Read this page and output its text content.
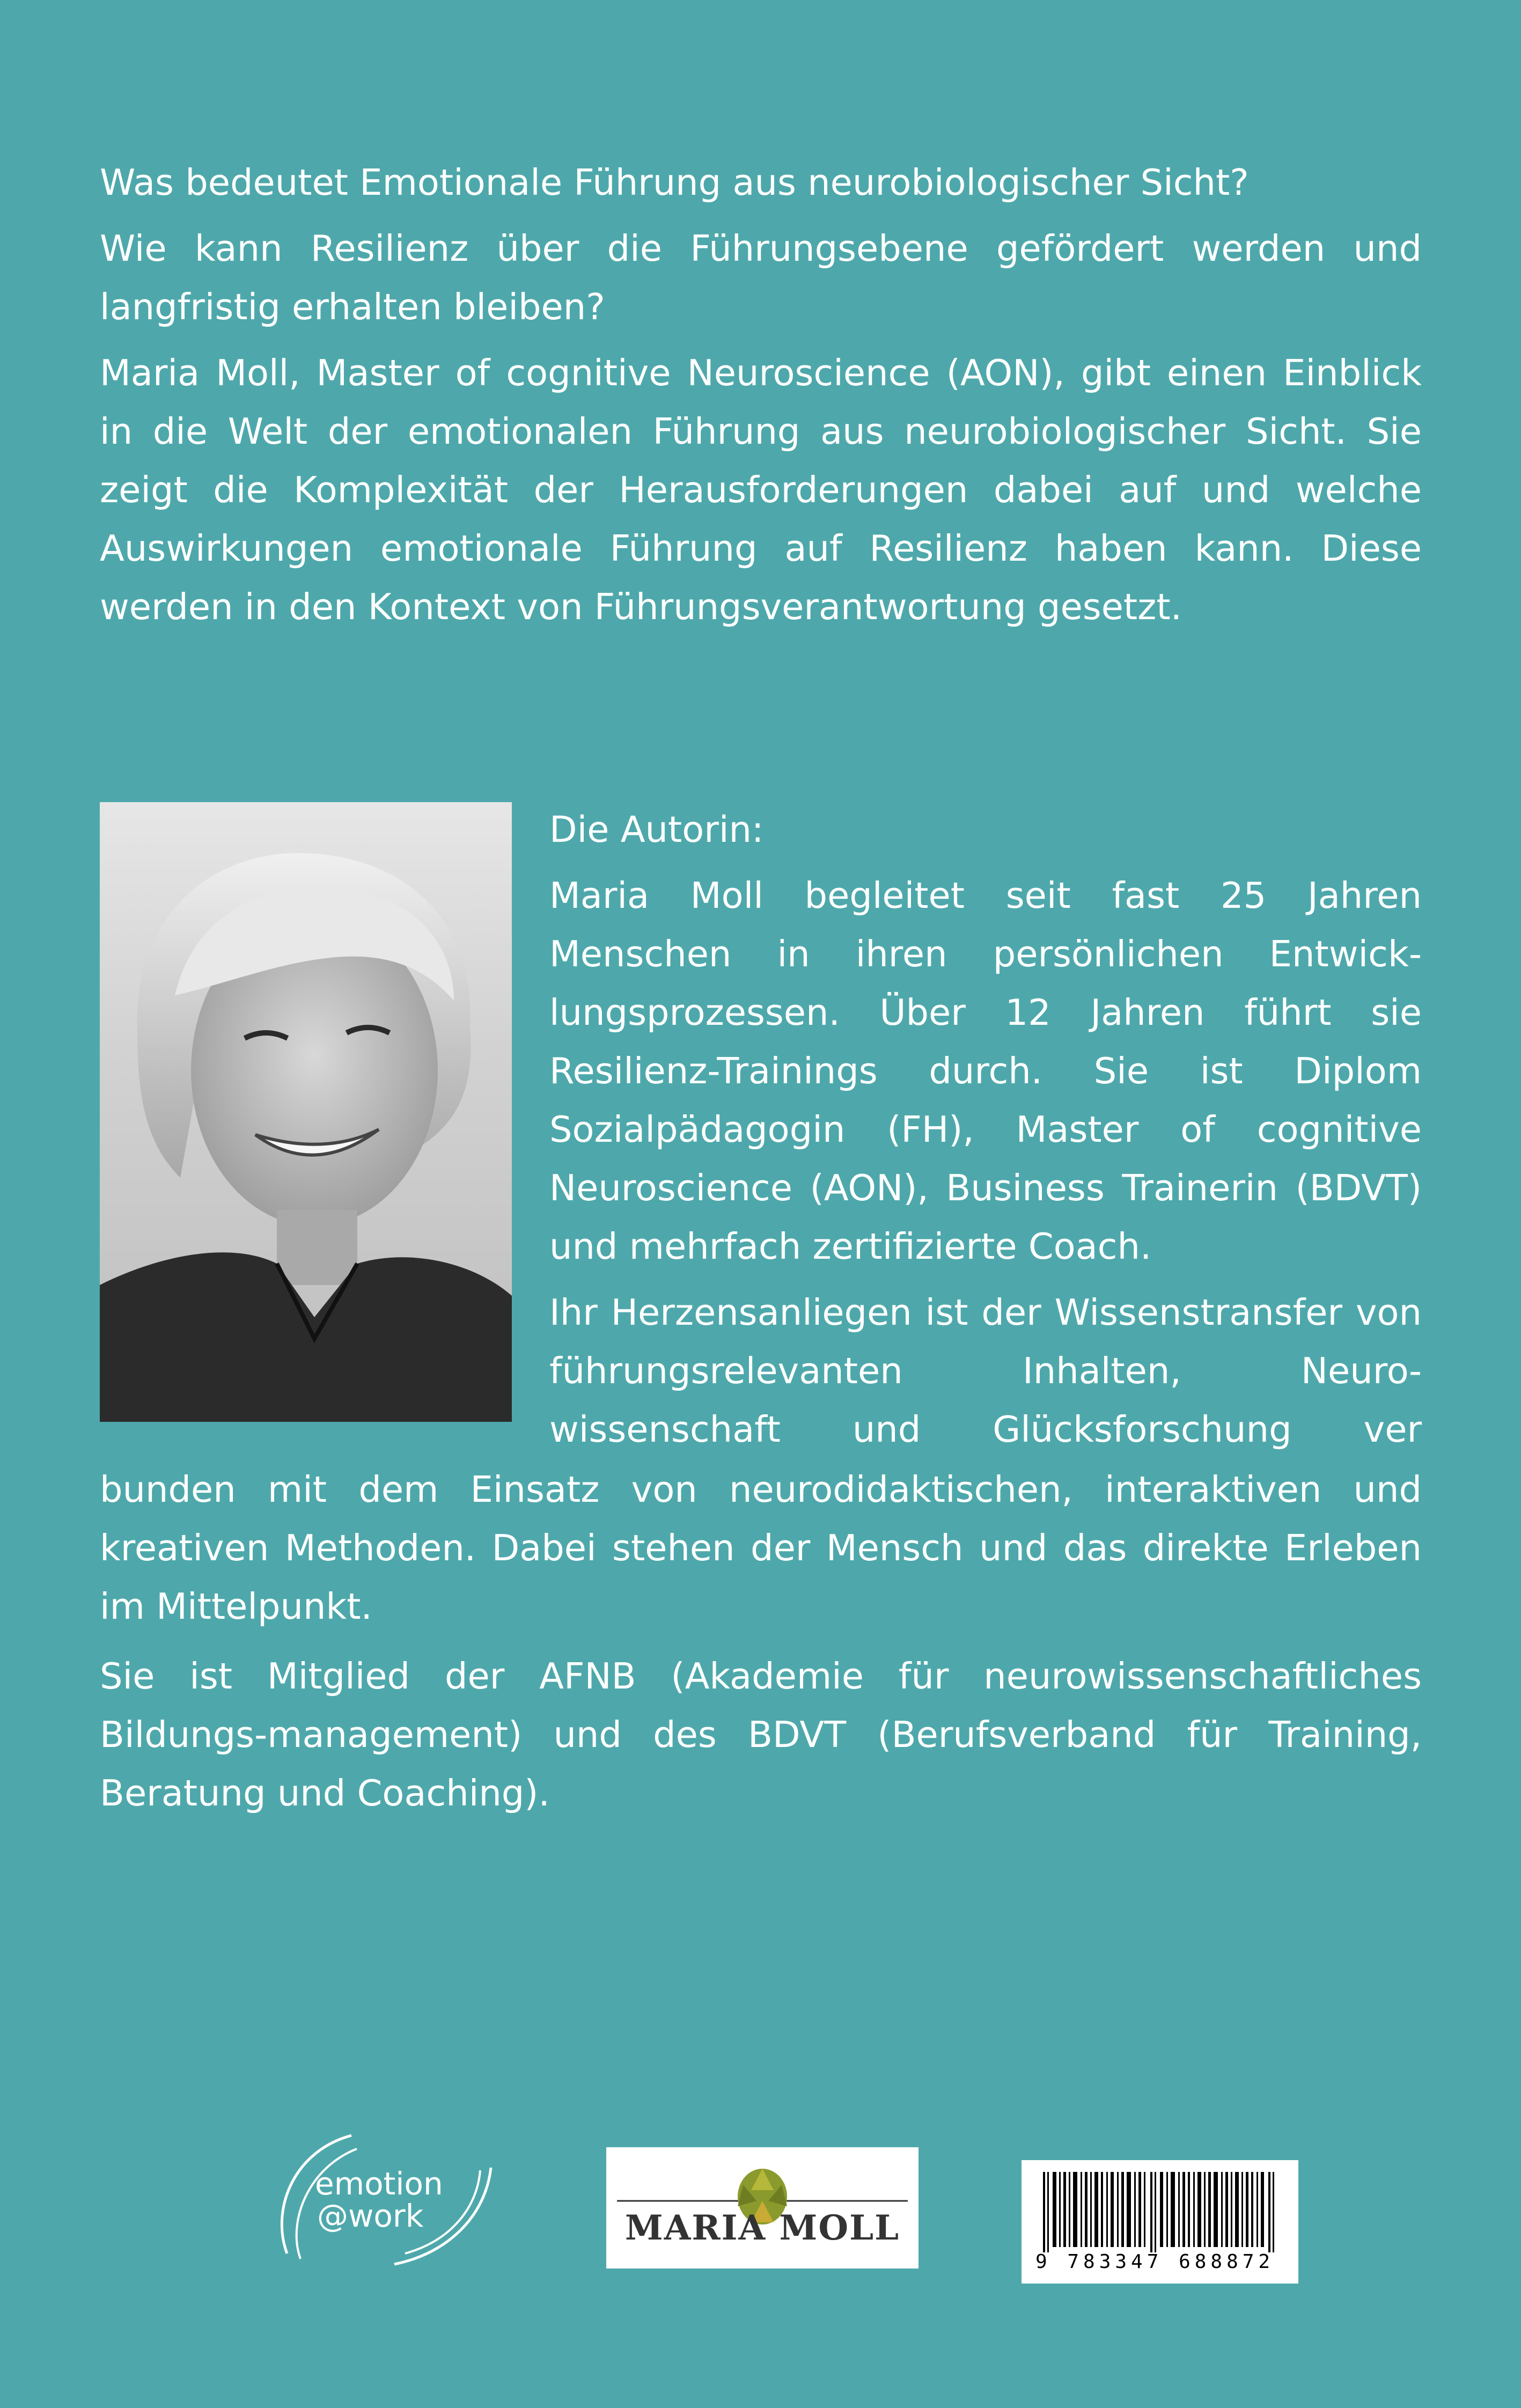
Was bedeutet Emotionale Führung aus neurobiologischer Sicht?

Wie kann Resilienz über die Führungsebene gefördert werden und langfristig erhalten bleiben?

Maria Moll, Master of cognitive Neuroscience (AON), gibt einen Einblick in die Welt der emotionalen Führung aus neurobiologischer Sicht. Sie zeigt die Komplexität der Herausforderungen dabei auf und welche Auswirkungen emotionale Führung auf Resilienz haben kann. Diese werden in den Kontext von Führungsverantwortung gesetzt.

Die Autorin:

Maria Moll begleitet seit fast 25 Jahren Menschen in ihren persönlichen Entwicklungsprozessen. Über 12 Jahren führt sie Resilienz-Trainings durch. Sie ist Diplom Sozialpädagogin (FH), Master of cognitive Neuroscience (AON), Business Trainerin (BDVT) und mehrfach zertifizierte Coach.

Ihr Herzensanliegen ist der Wissenstransfer von führungsrelevanten Inhalten, Neurowissenschaft und Glücksforschung ver

bunden mit dem Einsatz von neurodidaktischen, interaktiven und kreativen Methoden. Dabei stehen der Mensch und das direkte Erleben im Mittelpunkt.

Sie ist Mitglied der AFNB (Akademie für neurowissenschaftliches Bildungs-management) und des BDVT (Berufsverband für Training, Beratung und Coaching).

emotion
@work	MARIA MOLL
9 783347 688872
